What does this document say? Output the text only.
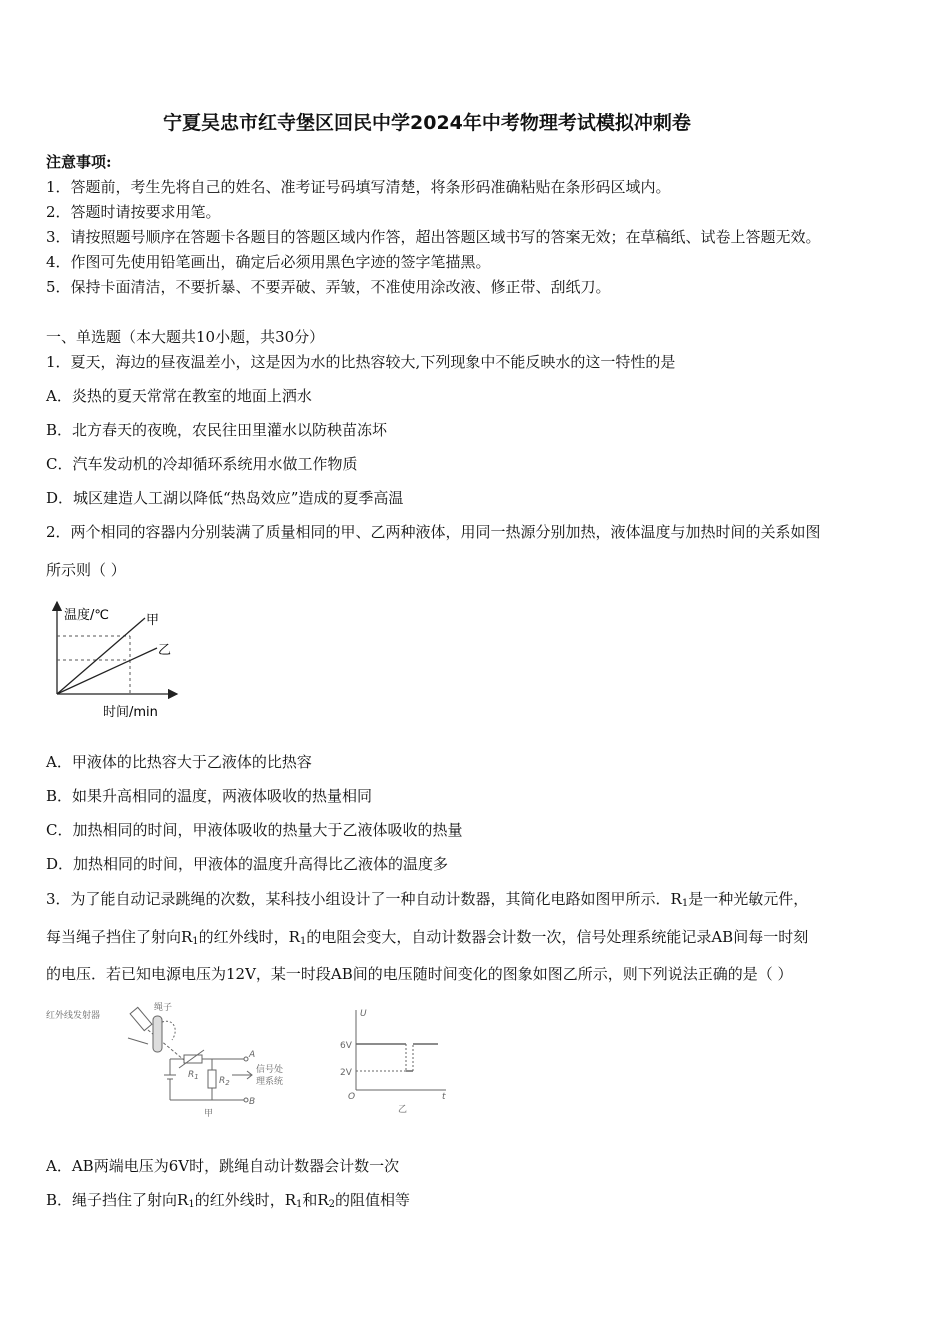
宁夏吴忠市红寺堡区回民中学2024年中考物理考试模拟冲刺卷
注意事项:
1．答题前，考生先将自己的姓名、准考证号码填写清楚，将条形码准确粘贴在条形码区域内。
2．答题时请按要求用笔。
3．请按照题号顺序在答题卡各题目的答题区域内作答，超出答题区域书写的答案无效；在草稿纸、试卷上答题无效。
4．作图可先使用铅笔画出，确定后必须用黑色字迹的签字笔描黑。
5．保持卡面清洁，不要折暴、不要弄破、弄皱，不准使用涂改液、修正带、刮纸刀。
一、单选题（本大题共10小题，共30分）
1．夏天，海边的昼夜温差小，这是因为水的比热容较大,下列现象中不能反映水的这一特性的是
A．炎热的夏天常常在教室的地面上洒水
B．北方春天的夜晚，农民往田里灌水以防秧苗冻坏
C．汽车发动机的冷却循环系统用水做工作物质
D．城区建造人工湖以降低“热岛效应”造成的夏季高温
2．两个相同的容器内分别装满了质量相同的甲、乙两种液体，用同一热源分别加热，液体温度与加热时间的关系如图
所示则（ ）
温度/℃
时间/min
甲
乙
A．甲液体的比热容大于乙液体的比热容
B．如果升高相同的温度，两液体吸收的热量相同
C．加热相同的时间，甲液体吸收的热量大于乙液体吸收的热量
D．加热相同的时间，甲液体的温度升高得比乙液体的温度多
3．为了能自动记录跳绳的次数，某科技小组设计了一种自动计数器，其简化电路如图甲所示．$R_1$是一种光敏元件，
每当绳子挡住了射向$R_1$的红外线时，$R_1$的电阻会变大，自动计数器会计数一次，信号处理系统能记录AB间每一时刻
的电压．若已知电源电压为12V，某一时段AB间的电压随时间变化的图象如图乙所示，则下列说法正确的是（ ）
红外线发射器
绳子
$R_1$ $R_2$
信号处
理系统
A
B
甲
U
6V
2V
O	t
乙
A．AB两端电压为6V时，跳绳自动计数器会计数一次
B．绳子挡住了射向$R_1$的红外线时，$R_1$和$R_2$的阻值相等
